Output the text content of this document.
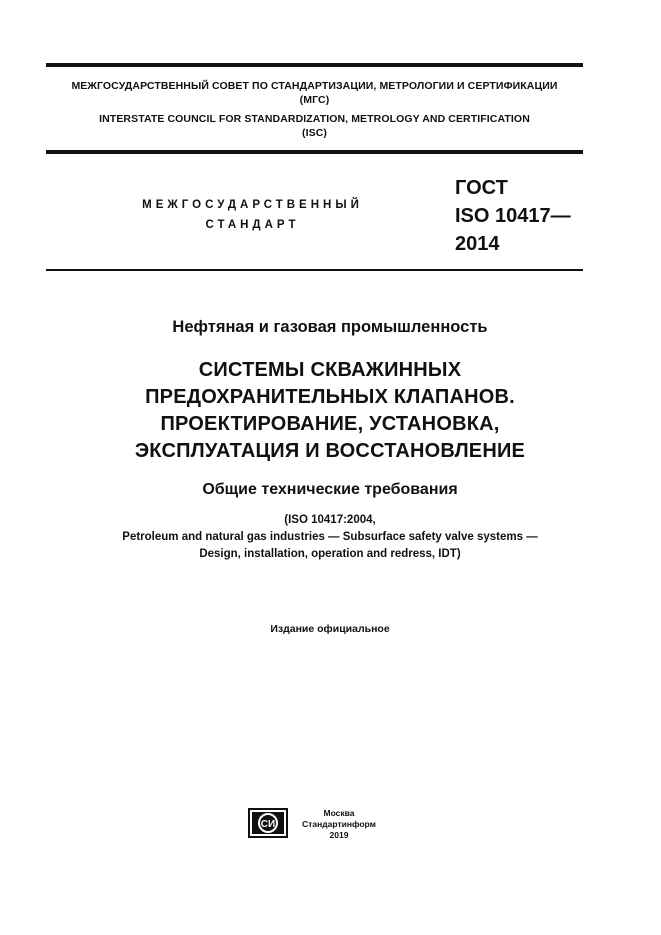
МЕЖГОСУДАРСТВЕННЫЙ СОВЕТ ПО СТАНДАРТИЗАЦИИ, МЕТРОЛОГИИ И СЕРТИФИКАЦИИ
(МГС)
INTERSTATE COUNCIL FOR STANDARDIZATION, METROLOGY AND CERTIFICATION
(ISC)
МЕЖГОСУДАРСТВЕННЫЙ
СТАНДАРТ
ГОСТ
ISO 10417—
2014
Нефтяная и газовая промышленность
СИСТЕМЫ СКВАЖИННЫХ
ПРЕДОХРАНИТЕЛЬНЫХ КЛАПАНОВ.
ПРОЕКТИРОВАНИЕ, УСТАНОВКА,
ЭКСПЛУАТАЦИЯ И ВОССТАНОВЛЕНИЕ
Общие технические требования
(ISO 10417:2004,
Petroleum and natural gas industries — Subsurface safety valve systems —
Design, installation, operation and redress, IDT)
Издание официальное
СИ
Москва
Стандартинформ
2019
